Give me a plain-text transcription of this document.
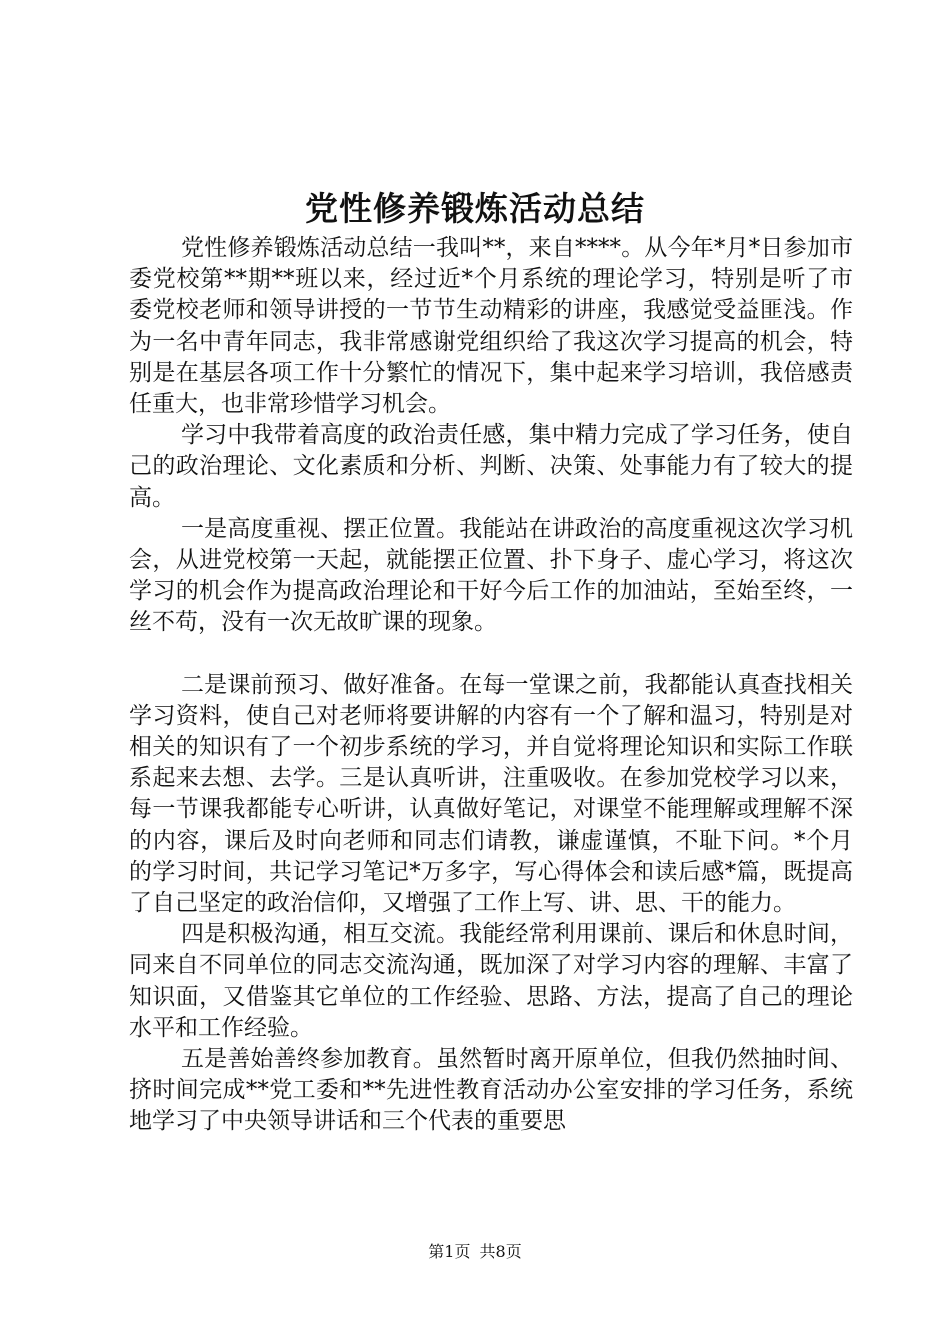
党性修养锻炼活动总结

党性修养锻炼活动总结一我叫**，来自****。从今年*月*日参加市委党校第**期**班以来，经过近*个月系统的理论学习，特别是听了市委党校老师和领导讲授的一节节生动精彩的讲座，我感觉受益匪浅。作为一名中青年同志，我非常感谢党组织给了我这次学习提高的机会，特别是在基层各项工作十分繁忙的情况下，集中起来学习培训，我倍感责任重大，也非常珍惜学习机会。

学习中我带着高度的政治责任感，集中精力完成了学习任务，使自己的政治理论、文化素质和分析、判断、决策、处事能力有了较大的提高。

一是高度重视、摆正位置。我能站在讲政治的高度重视这次学习机会，从进党校第一天起，就能摆正位置、扑下身子、虚心学习，将这次学习的机会作为提高政治理论和干好今后工作的加油站，至始至终，一丝不苟，没有一次无故旷课的现象。

二是课前预习、做好准备。在每一堂课之前，我都能认真查找相关学习资料，使自己对老师将要讲解的内容有一个了解和温习，特别是对相关的知识有了一个初步系统的学习，并自觉将理论知识和实际工作联系起来去想、去学。三是认真听讲，注重吸收。在参加党校学习以来，每一节课我都能专心听讲，认真做好笔记，对课堂不能理解或理解不深的内容，课后及时向老师和同志们请教，谦虚谨慎，不耻下问。*个月的学习时间，共记学习笔记*万多字，写心得体会和读后感*篇，既提高了自己坚定的政治信仰，又增强了工作上写、讲、思、干的能力。

四是积极沟通，相互交流。我能经常利用课前、课后和休息时间，同来自不同单位的同志交流沟通，既加深了对学习内容的理解、丰富了知识面，又借鉴其它单位的工作经验、思路、方法，提高了自己的理论水平和工作经验。

五是善始善终参加教育。虽然暂时离开原单位，但我仍然抽时间、挤时间完成**党工委和**先进性教育活动办公室安排的学习任务，系统地学习了中央领导讲话和三个代表的重要思

第1页 共8页
